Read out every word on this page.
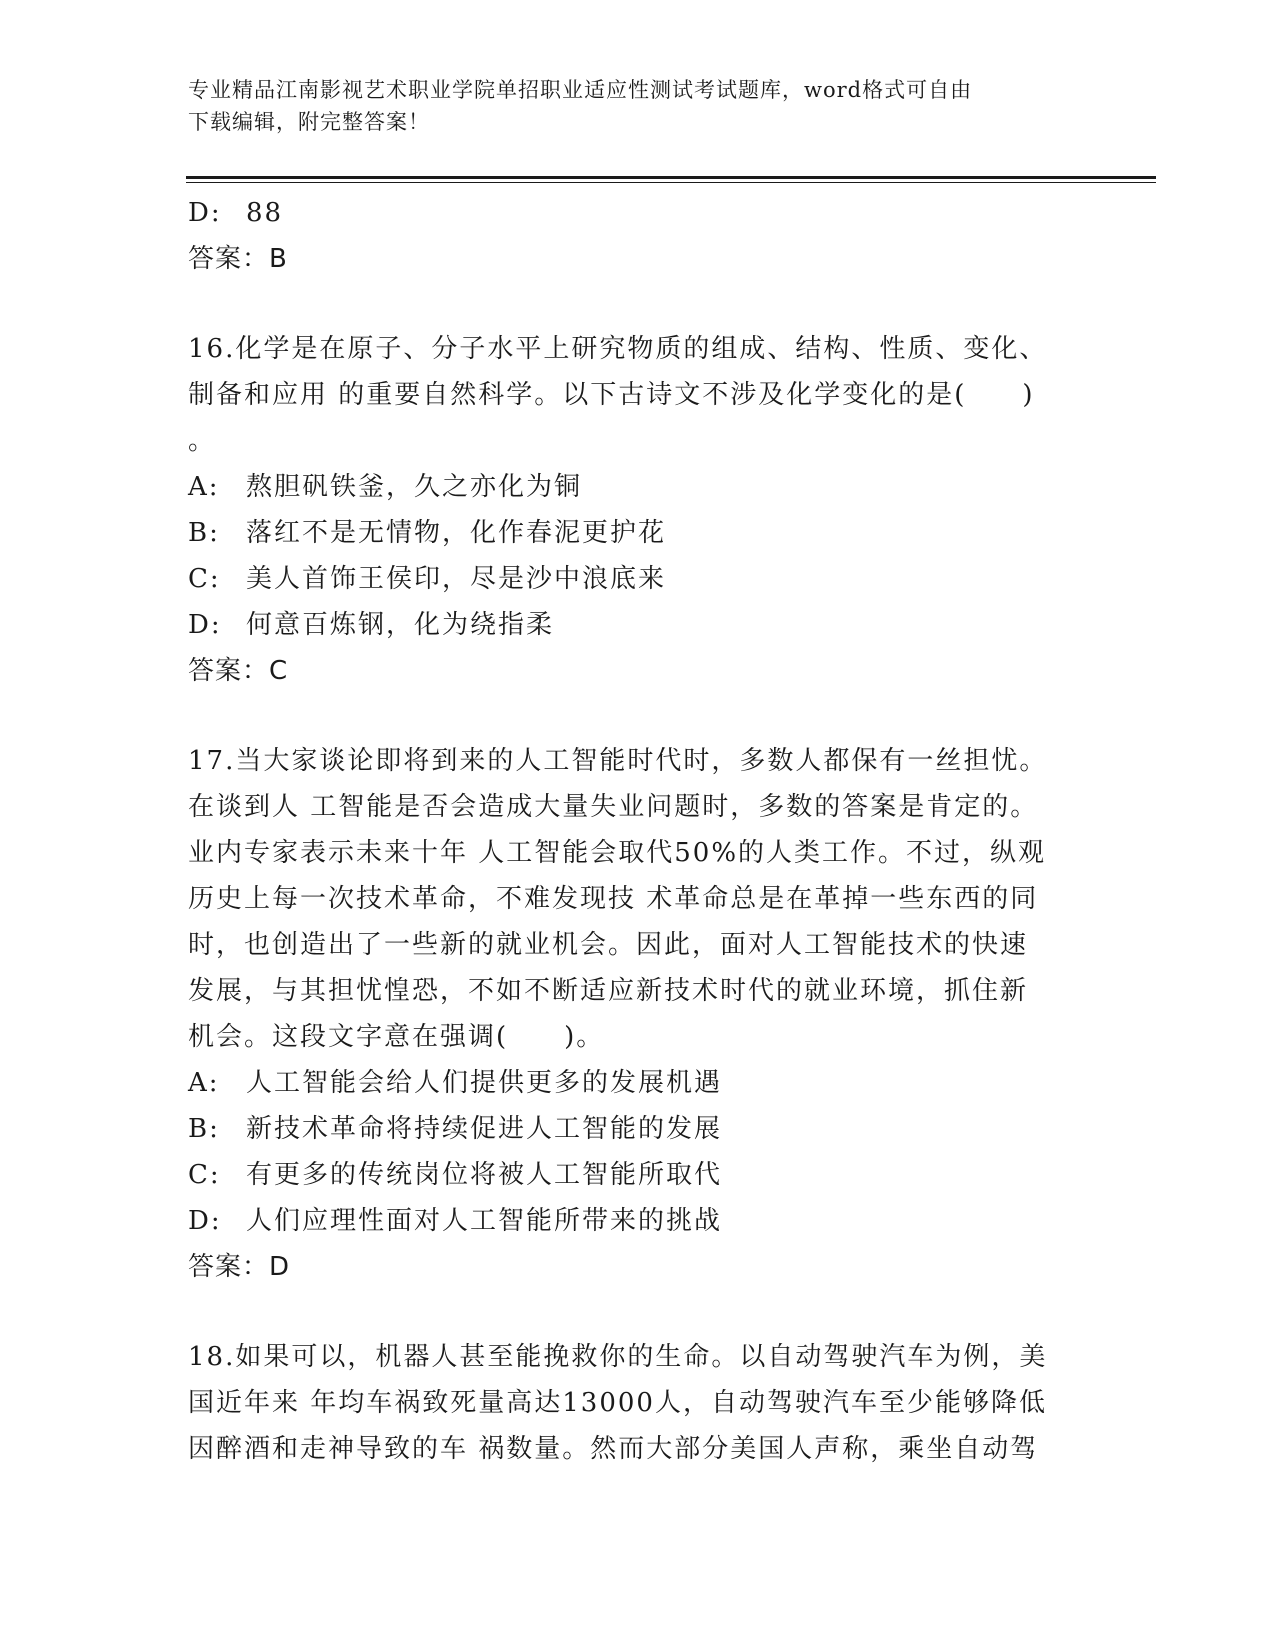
专业精品江南影视艺术职业学院单招职业适应性测试考试题库，word格式可自由
下载编辑，附完整答案！
D: 88
答案：B
16.化学是在原子、分子水平上研究物质的组成、结构、性质、变化、
制备和应用 的重要自然科学。以下古诗文不涉及化学变化的是(　　)
。
A: 熬胆矾铁釜，久之亦化为铜
B: 落红不是无情物，化作春泥更护花
C: 美人首饰王侯印，尽是沙中浪底来
D: 何意百炼钢，化为绕指柔
答案：C
17.当大家谈论即将到来的人工智能时代时，多数人都保有一丝担忧。
在谈到人 工智能是否会造成大量失业问题时，多数的答案是肯定的。
业内专家表示未来十年 人工智能会取代50%的人类工作。不过，纵观
历史上每一次技术革命，不难发现技 术革命总是在革掉一些东西的同
时，也创造出了一些新的就业机会。因此，面对人工智能技术的快速
发展，与其担忧惶恐，不如不断适应新技术时代的就业环境，抓住新
机会。这段文字意在强调(　　)。
A: 人工智能会给人们提供更多的发展机遇
B: 新技术革命将持续促进人工智能的发展
C: 有更多的传统岗位将被人工智能所取代
D: 人们应理性面对人工智能所带来的挑战
答案：D
18.如果可以，机器人甚至能挽救你的生命。以自动驾驶汽车为例，美
国近年来 年均车祸致死量高达13000人，自动驾驶汽车至少能够降低
因醉酒和走神导致的车 祸数量。然而大部分美国人声称，乘坐自动驾
